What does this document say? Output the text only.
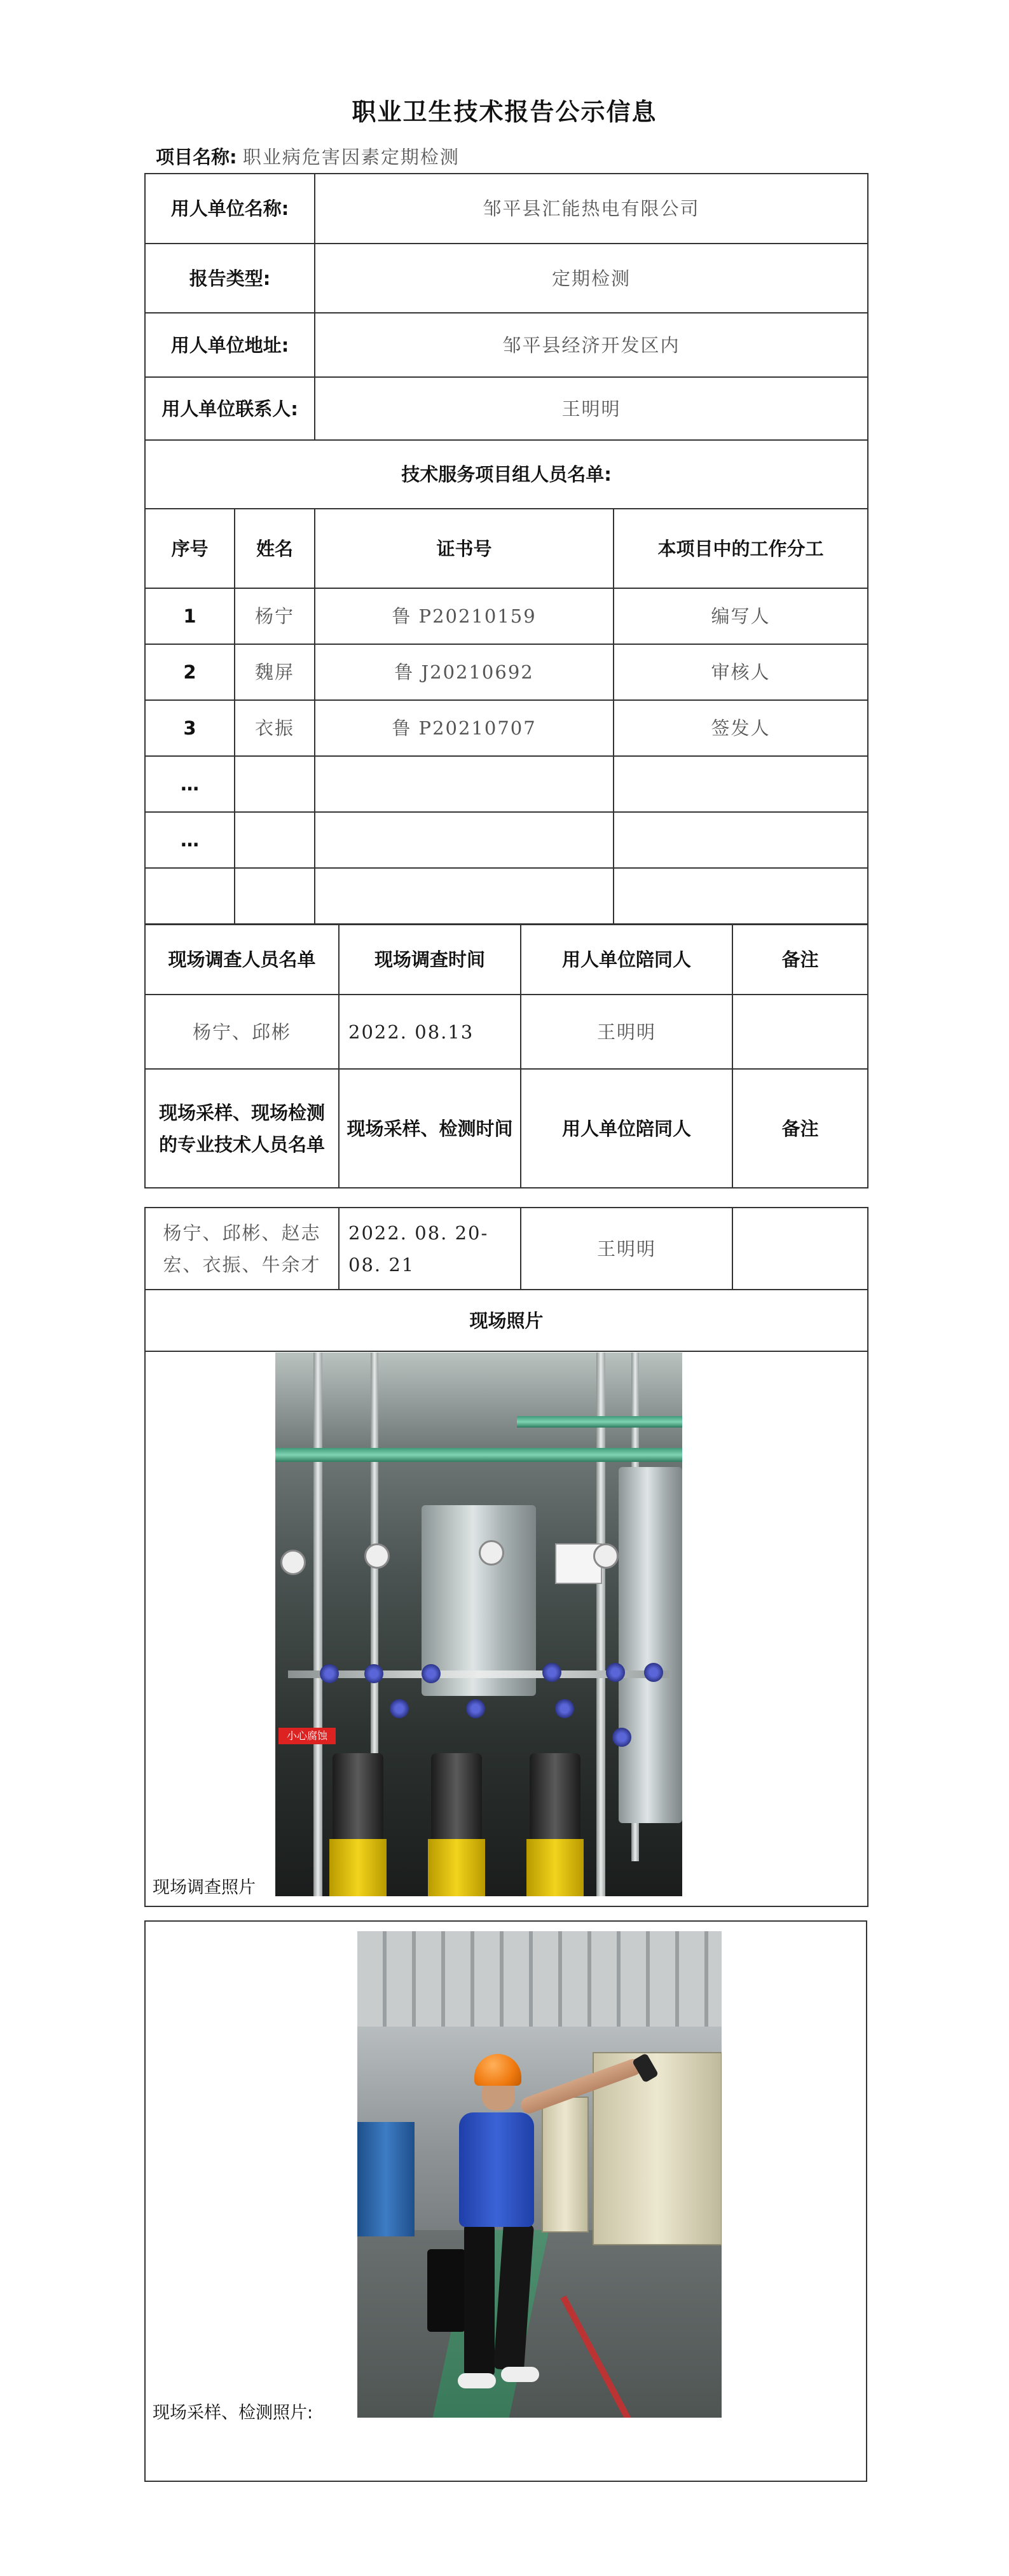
职业卫生技术报告公示信息
项目名称: 职业病危害因素定期检测
用人单位名称:		邹平县汇能热电有限公司	
报告类型:		定期检测	
用人单位地址:		邹平县经济开发区内	
用人单位联系人:		王明明	
技术服务项目组人员名单:			
序号	姓名	证书号	本项目中的工作分工
1	杨宁	鲁 P20210159	编写人
2	魏屏	鲁 J20210692	审核人
3	衣振	鲁 P20210707	签发人
…			
…			

现场调查人员名单	现场调查时间	用人单位陪同人	备注
杨宁、邱彬	2022. 08.13	王明明	
现场采样、现场检测的专业技术人员名单	现场采样、检测时间	用人单位陪同人	备注
杨宁、邱彬、赵志宏、衣振、牛余才	2022. 08. 20-08. 21	王明明	
现场照片

小心腐蚀
现场调查照片
现场采样、检测照片:
